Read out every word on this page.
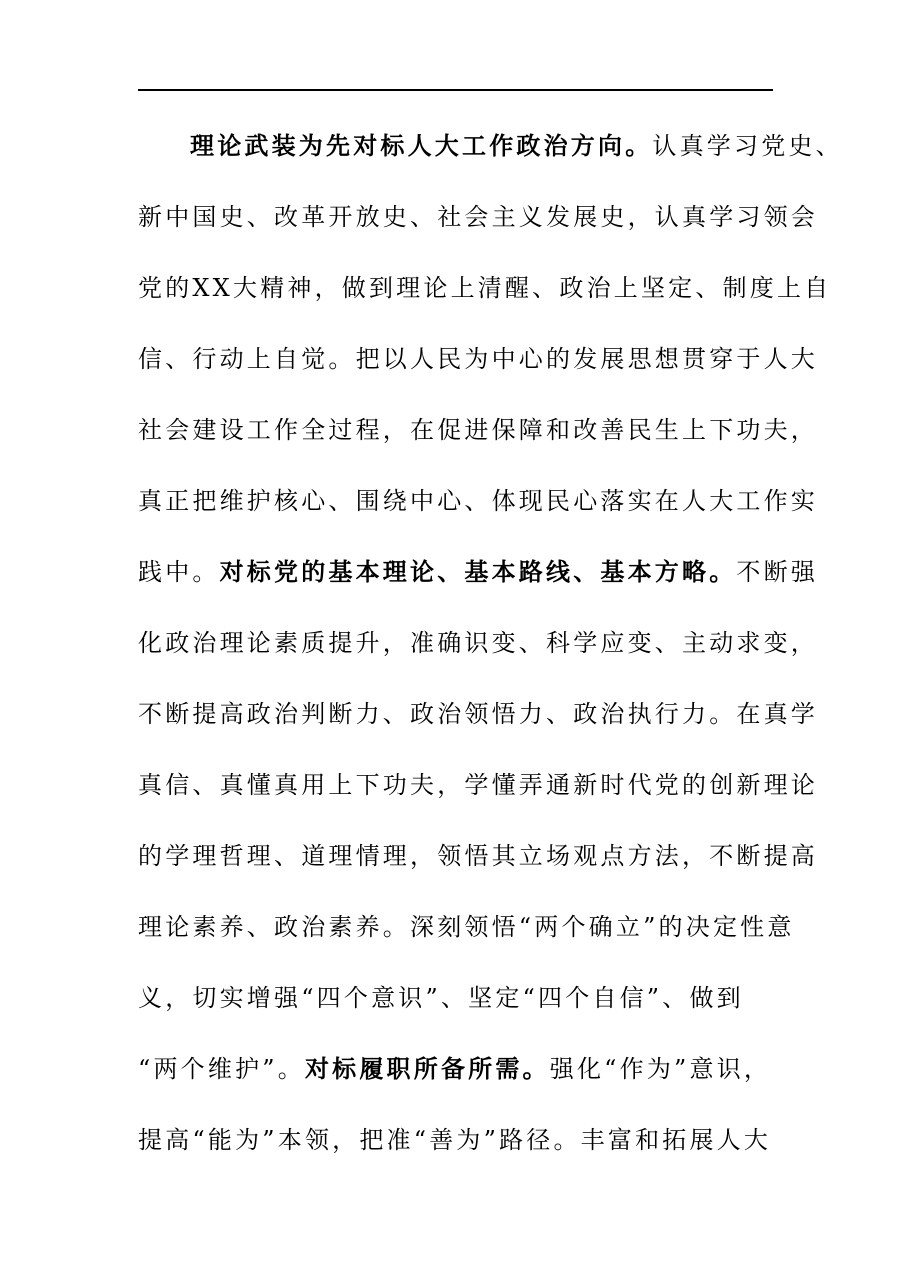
理论武装为先对标人大工作政治方向。认真学习党史、
新中国史、改革开放史、社会主义发展史，认真学习领会
党的XX大精神，做到理论上清醒、政治上坚定、制度上自
信、行动上自觉。把以人民为中心的发展思想贯穿于人大
社会建设工作全过程，在促进保障和改善民生上下功夫，
真正把维护核心、围绕中心、体现民心落实在人大工作实
践中。对标党的基本理论、基本路线、基本方略。不断强
化政治理论素质提升，准确识变、科学应变、主动求变，
不断提高政治判断力、政治领悟力、政治执行力。在真学
真信、真懂真用上下功夫，学懂弄通新时代党的创新理论
的学理哲理、道理情理，领悟其立场观点方法，不断提高
理论素养、政治素养。深刻领悟“两个确立”的决定性意
义，切实增强“四个意识”、坚定“四个自信”、做到
“两个维护”。对标履职所备所需。强化“作为”意识，
提高“能为”本领，把准“善为”路径。丰富和拓展人大
